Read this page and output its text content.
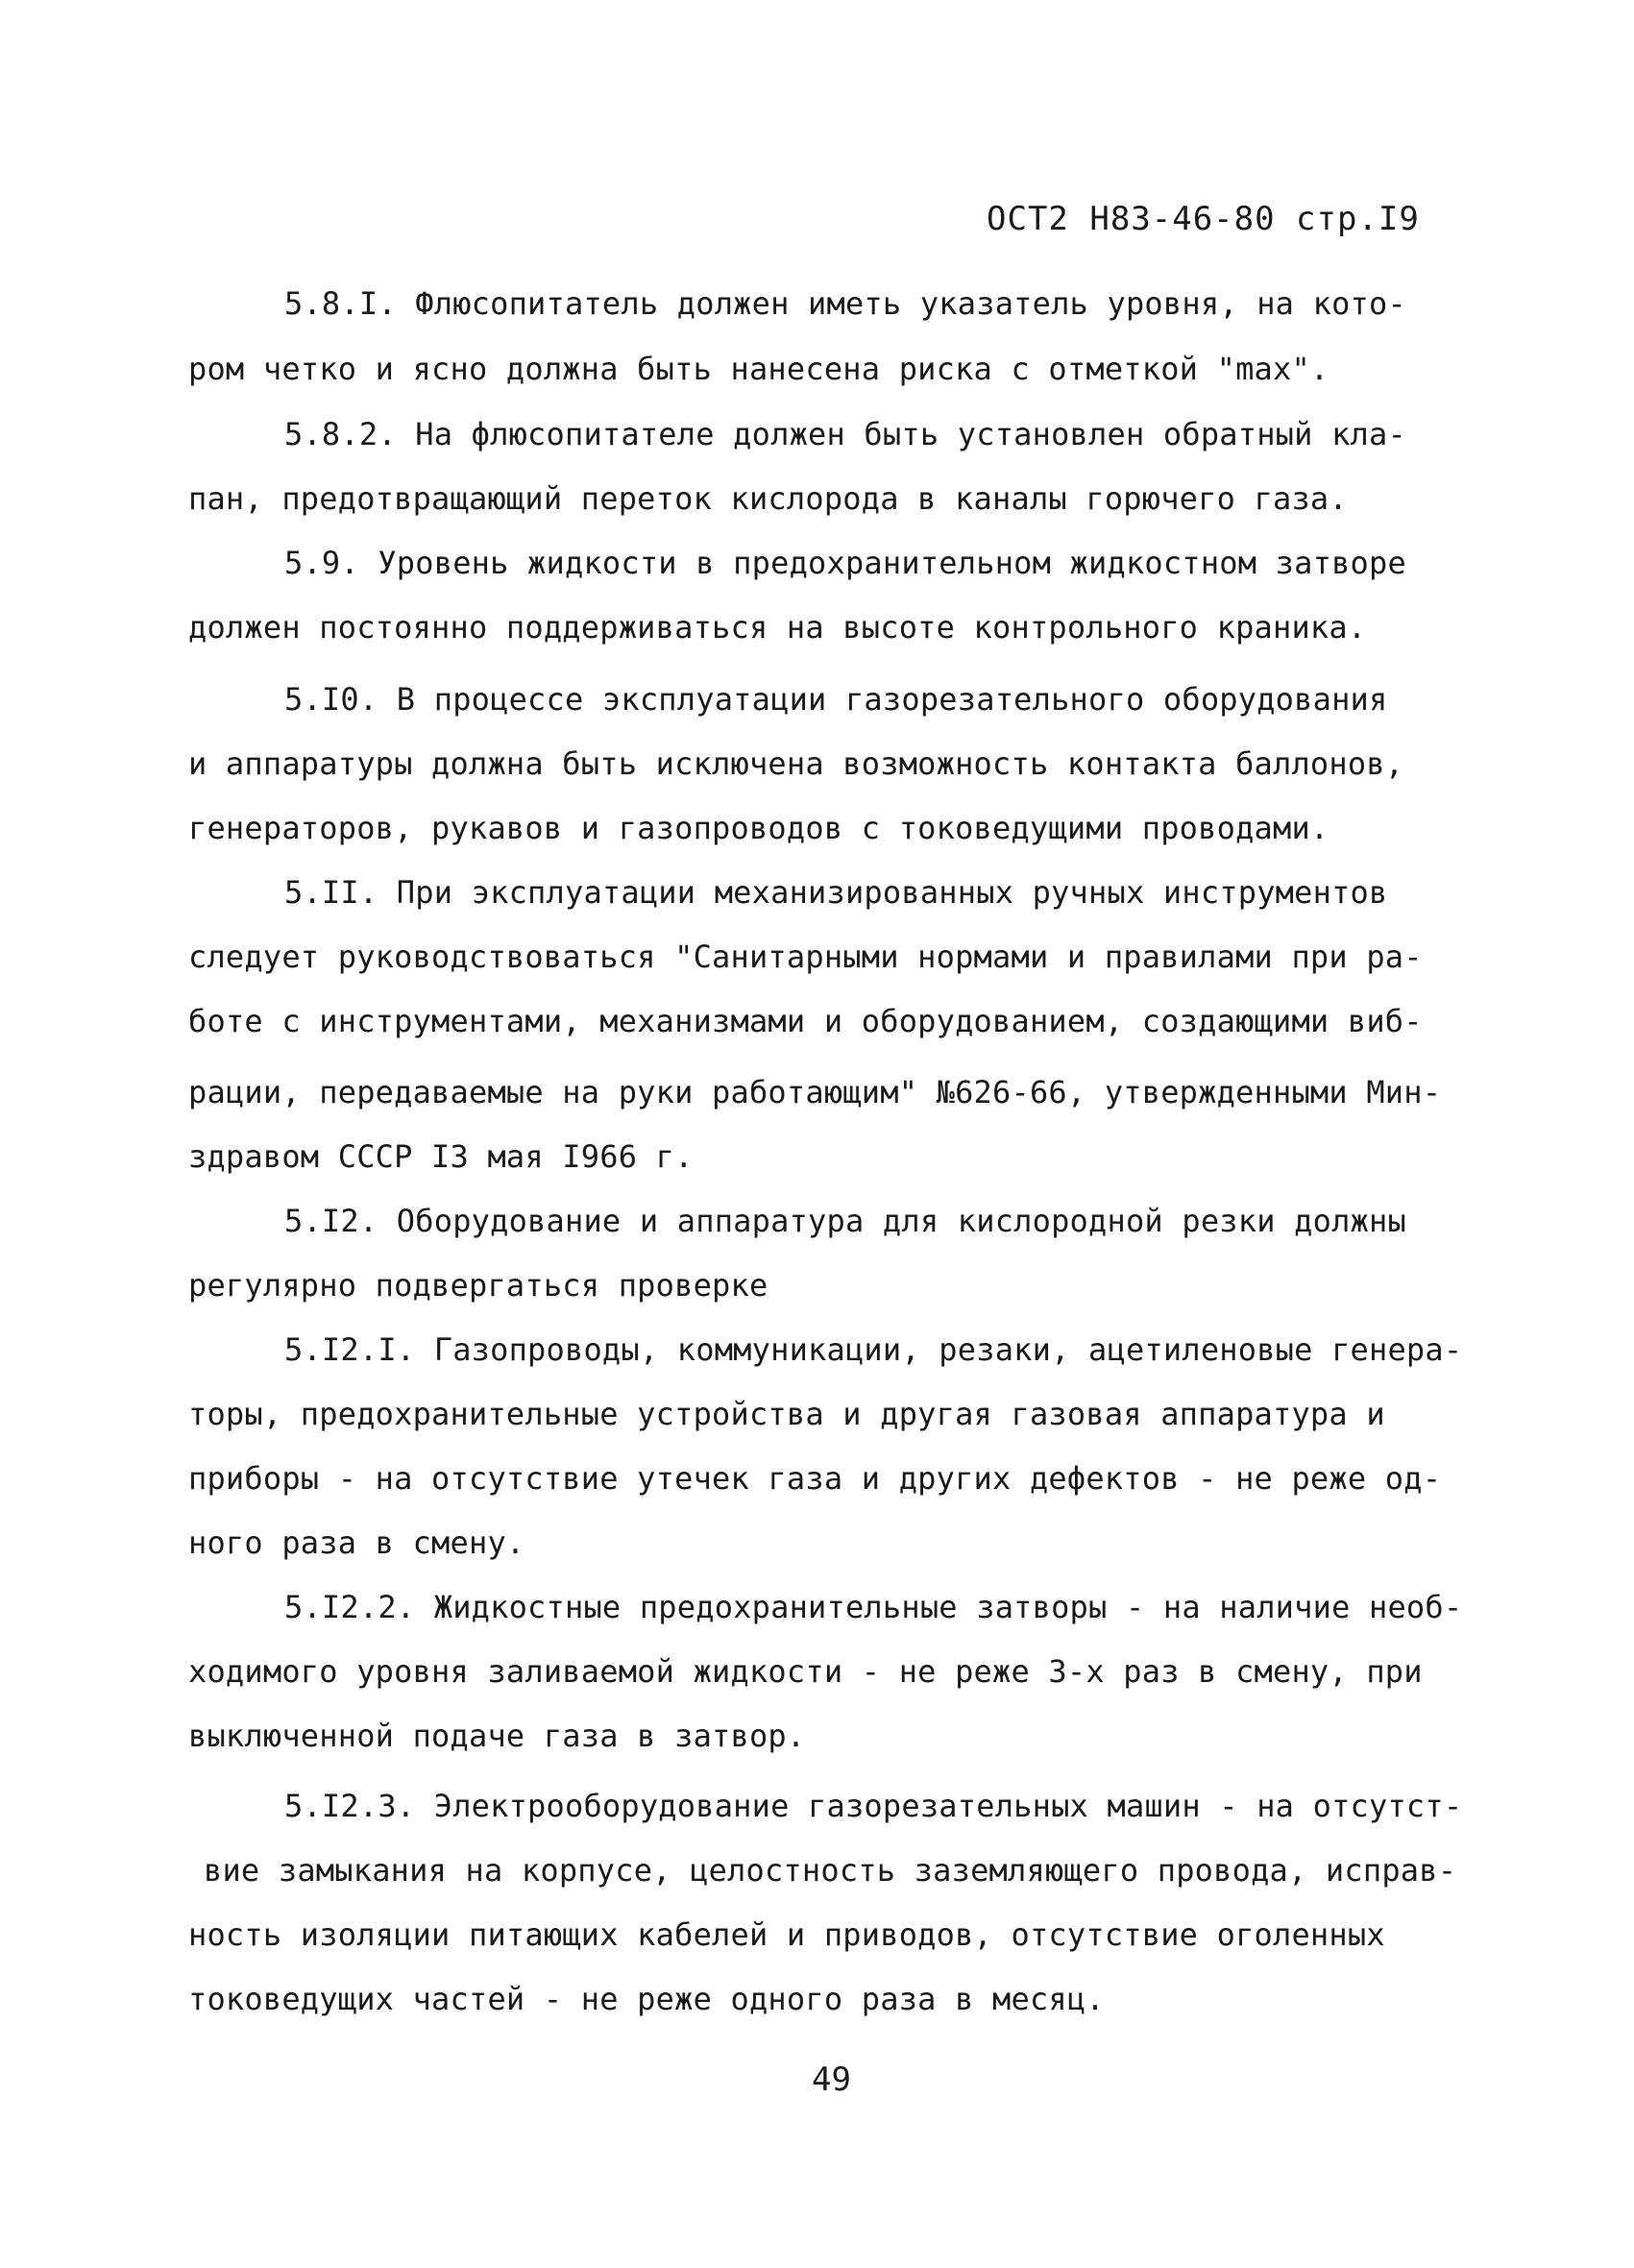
ОСТ2 Н83-46-80 стр.I9
5.8.I. Флюсопитатель должен иметь указатель уровня, на кото-
ром четко и ясно должна быть нанесена риска с отметкой "max".
5.8.2. На флюсопитателе должен быть установлен обратный кла-
пан, предотвращающий переток кислорода в каналы горючего газа.
5.9. Уровень жидкости в предохранительном жидкостном затворе
должен постоянно поддерживаться на высоте контрольного краника.
5.I0. В процессе эксплуатации газорезательного оборудования
и аппаратуры должна быть исключена возможность контакта баллонов,
генераторов, рукавов и газопроводов с токоведущими проводами.
5.II. При эксплуатации механизированных ручных инструментов
следует руководствоваться "Санитарными нормами и правилами при ра-
боте с инструментами, механизмами и оборудованием, создающими виб-
рации, передаваемые на руки работающим" №626-66, утвержденными Мин-
здравом СССР I3 мая I966 г.
5.I2. Оборудование и аппаратура для кислородной резки должны
регулярно подвергаться проверке
5.I2.I. Газопроводы, коммуникации, резаки, ацетиленовые генера-
торы, предохранительные устройства и другая газовая аппаратура и
приборы - на отсутствие утечек газа и других дефектов - не реже од-
ного раза в смену.
5.I2.2. Жидкостные предохранительные затворы - на наличие необ-
ходимого уровня заливаемой жидкости - не реже 3-х раз в смену, при
выключенной подаче газа в затвор.
5.I2.3. Электрооборудование газорезательных машин - на отсутст-
вие замыкания на корпусе, целостность заземляющего провода, исправ-
ность изоляции питающих кабелей и приводов, отсутствие оголенных
токоведущих частей - не реже одного раза в месяц.
49
